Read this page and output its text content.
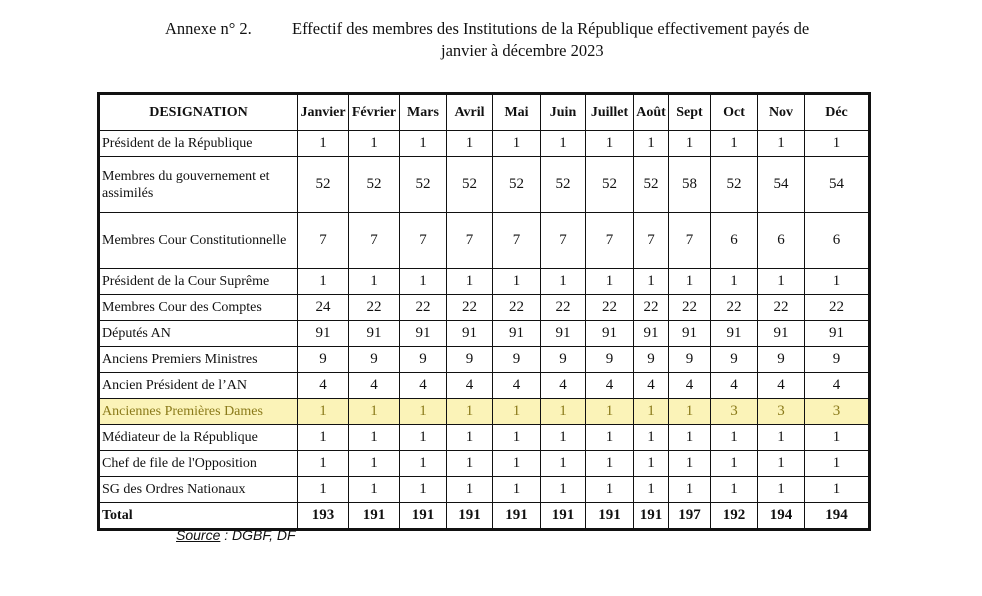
Annexe n° 2. Effectif des membres des Institutions de la République effectivement payés de
janvier à décembre 2023
DESIGNATION	Janvier	Février	Mars	Avril	Mai	Juin	Juillet	Août	Sept	Oct	Nov	Déc
Président de la République	1	1	1	1	1	1	1	1	1	1	1	1
Membres du gouvernement et assimilés	52	52	52	52	52	52	52	52	58	52	54	54
Membres Cour Constitutionnelle	7	7	7	7	7	7	7	7	7	6	6	6
Président de la Cour Suprême	1	1	1	1	1	1	1	1	1	1	1	1
Membres Cour des Comptes	24	22	22	22	22	22	22	22	22	22	22	22
Députés AN	91	91	91	91	91	91	91	91	91	91	91	91
Anciens Premiers Ministres	9	9	9	9	9	9	9	9	9	9	9	9
Ancien Président de l’AN	4	4	4	4	4	4	4	4	4	4	4	4
Anciennes Premières Dames	1	1	1	1	1	1	1	1	1	3	3	3
Médiateur de la République	1	1	1	1	1	1	1	1	1	1	1	1
Chef de file de l'Opposition	1	1	1	1	1	1	1	1	1	1	1	1
SG des Ordres Nationaux	1	1	1	1	1	1	1	1	1	1	1	1
Total	193	191	191	191	191	191	191	191	197	192	194	194
Source : DGBF, DF
